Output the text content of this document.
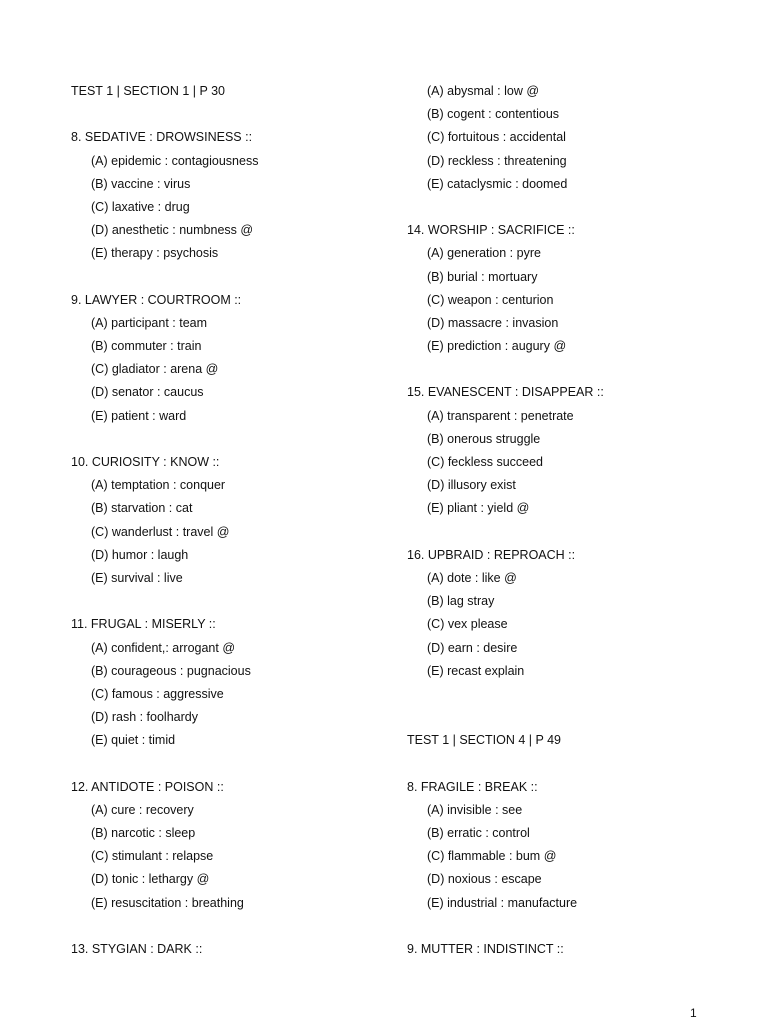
TEST 1 | SECTION 1 | P 30
8. SEDATIVE : DROWSINESS ::
(A) epidemic : contagiousness
(B) vaccine : virus
(C) laxative : drug
(D) anesthetic : numbness @
(E) therapy : psychosis
9. LAWYER : COURTROOM ::
(A) participant : team
(B) commuter : train
(C) gladiator : arena @
(D) senator : caucus
(E) patient : ward
10. CURIOSITY : KNOW ::
(A) temptation : conquer
(B) starvation : cat
(C) wanderlust : travel @
(D) humor : laugh
(E) survival : live
11. FRUGAL : MISERLY ::
(A) confident,: arrogant @
(B) courageous : pugnacious
(C) famous : aggressive
(D) rash : foolhardy
(E) quiet : timid
12. ANTIDOTE : POISON ::
(A) cure : recovery
(B) narcotic : sleep
(C) stimulant : relapse
(D) tonic : lethargy @
(E) resuscitation : breathing
13. STYGIAN : DARK ::
(A) abysmal : low @
(B) cogent : contentious
(C) fortuitous : accidental
(D) reckless : threatening
(E) cataclysmic : doomed
14. WORSHIP : SACRIFICE ::
(A) generation : pyre
(B) burial : mortuary
(C) weapon : centurion
(D) massacre : invasion
(E) prediction : augury @
15. EVANESCENT : DISAPPEAR ::
(A) transparent : penetrate
(B) onerous struggle
(C) feckless succeed
(D) illusory exist
(E) pliant : yield @
16. UPBRAID : REPROACH ::
(A) dote : like @
(B) lag stray
(C) vex please
(D) earn : desire
(E) recast explain
TEST 1 | SECTION 4 | P 49
8. FRAGILE : BREAK ::
(A) invisible : see
(B) erratic : control
(C) flammable : bum @
(D) noxious : escape
(E) industrial : manufacture
9. MUTTER : INDISTINCT ::
1
